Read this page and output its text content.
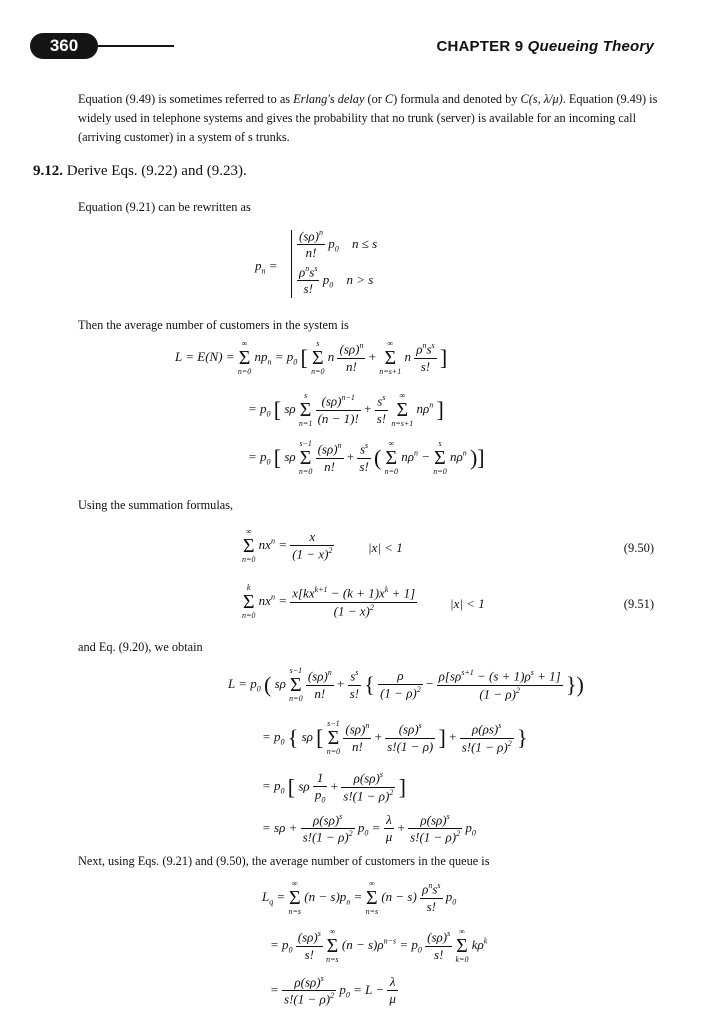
360	CHAPTER 9 Queueing Theory
Equation (9.49) is sometimes referred to as Erlang's delay (or C) formula and denoted by C(s, λ/μ). Equation (9.49) is widely used in telephone systems and gives the probability that no trunk (server) is available for an incoming call (arriving customer) in a system of s trunks.
9.12. Derive Eqs. (9.22) and (9.23).
Equation (9.21) can be rewritten as
$p_n$ =
$\frac{(s\rho)^n}{n!} p_0$ n ≤ s
$\frac{\rho^ns^s}{s!} p_0$ n > s
Then the average number of customers in the system is
L = E(N) =
∞
Σ
n=0
$np_n = p_0$ [
s
Σ
n=0
n $\frac{(s\rho)^n}{n!}$ +
∞
Σ
n=s+1
n $\frac{\rho^ns^s}{s!}$ ]
= $p_0$ [ sρ
s
Σ
n=1
$\frac{(s\rho)^{n-1}}{(n - 1)!} + \frac{s^s}{s!}$
	∞
Σ
n=s+1
$n\rho^n$ ]
= $p_0$ [ sρ
s−1
Σ
n=0
$\frac{(s\rho)^n}{n!} + \frac{s^s}{s!}$ (
∞
Σ
n=0
$n\rho^n$ −
s
Σ
n=0
$n\rho^n$ )]
Using the summation formulas,
∞
Σ
n=0
$nx^n = \frac{x}{(1 - x)^2}$	|x| < 1	(9.50)
k
Σ
n=0
$nx^n = \frac{x[kx^{k+1} - (k + 1)x^k + 1]}{(1 - x)^2}$	|x| < 1	(9.51)
and Eq. (9.20), we obtain
$L = p_0$ ( sρ
s−1
Σ
n=0
$\frac{(s\rho)^n}{n!} + \frac{s^s}{s!}$ { $\frac{\rho}{(1 - \rho)^2} - \frac{\rho[s\rho^{s+1} - (s + 1)\rho^s + 1]}{(1 - \rho)^2}$ })
= $p_0$ { sρ [
s−1
Σ
n=0
$\frac{(s\rho)^n}{n!} + \frac{(s\rho)^s}{s!(1 - \rho)}$ ] + $\frac{\rho(\rho s)^s}{s!(1 - \rho)^2}$ }
= $p_0$ [ sρ $\frac{1}{p_0} + \frac{\rho(s\rho)^s}{s!(1 - \rho)^2}$ ]
= $s\rho + \frac{\rho(s\rho)^s}{s!(1 - \rho)^2} p_0 = \frac{\lambda}{\mu} + \frac{\rho(s\rho)^s}{s!(1 - \rho)^2} p_0$
Next, using Eqs. (9.21) and (9.50), the average number of customers in the queue is
$L_q$ =
∞
Σ
n=s
$(n - s)p_n$ =
∞
Σ
n=s
$(n - s) \frac{\rho^ns^s}{s!} p_0$
= $p_0 \frac{(s\rho)^s}{s!}$
∞
Σ
n=s
$(n - s)\rho^{n-s} = p_0 \frac{(s\rho)^s}{s!}$
∞
Σ
k=0
$k\rho^k$
= $\frac{\rho(s\rho)^s}{s!(1 - \rho)^2} p_0 = L - \frac{\lambda}{\mu}$
